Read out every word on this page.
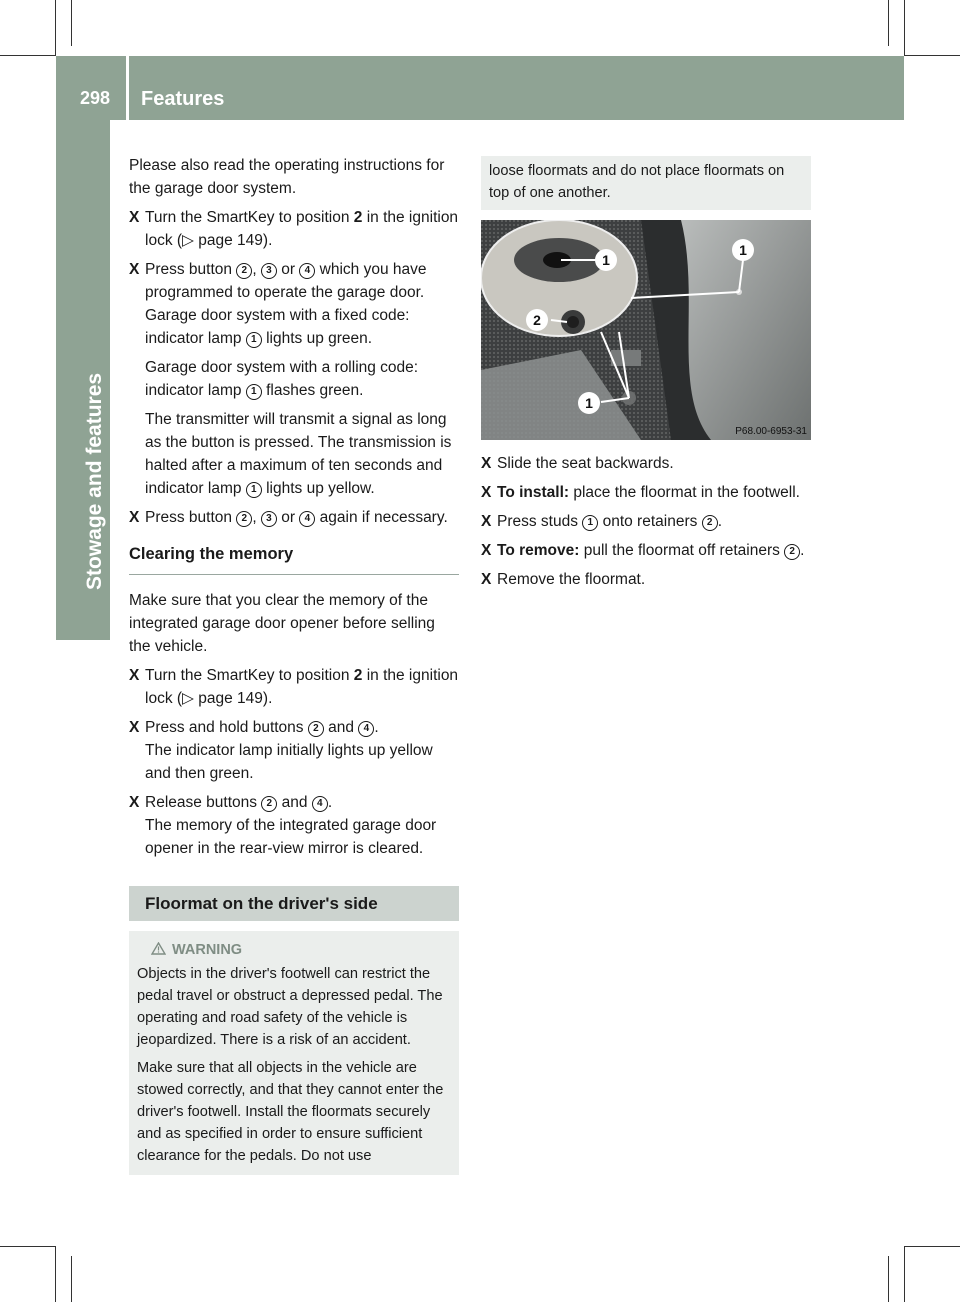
298 Features
Stowage and features

Please also read the operating instructions for the garage door system.

X Turn the SmartKey to position 2 in the ignition lock (▷ page 149).
X Press button 2 , 3 or 4 which you have programmed to operate the garage door.
Garage door system with a fixed code: indicator lamp 1 lights up green.
Garage door system with a rolling code: indicator lamp 1 flashes green.
The transmitter will transmit a signal as long as the button is pressed. The transmission is halted after a maximum of ten seconds and indicator lamp 1 lights up yellow.
X Press button 2 , 3 or 4 again if necessary.
Clearing the memory

Make sure that you clear the memory of the integrated garage door opener before selling the vehicle.

X Turn the SmartKey to position 2 in the ignition lock (▷ page 149).
X Press and hold buttons 2 and 4 .
The indicator lamp initially lights up yellow and then green.
X Release buttons 2 and 4 .
The memory of the integrated garage door opener in the rear-view mirror is cleared.
Floormat on the driver's side
WARNING

Objects in the driver's footwell can restrict the pedal travel or obstruct a depressed pedal. The operating and road safety of the vehicle is jeopardized. There is a risk of an accident.

Make sure that all objects in the vehicle are stowed correctly, and that they cannot enter the driver's footwell. Install the floormats securely and as specified in order to ensure sufficient clearance for the pedals. Do not use

loose floormats and do not place floormats on top of one another.
1
1
2
1
P68.00-6953-31
X Slide the seat backwards.
X To install: place the floormat in the footwell.
X Press studs 1 onto retainers 2 .
X To remove: pull the floormat off retainers 2 .
X Remove the floormat.
